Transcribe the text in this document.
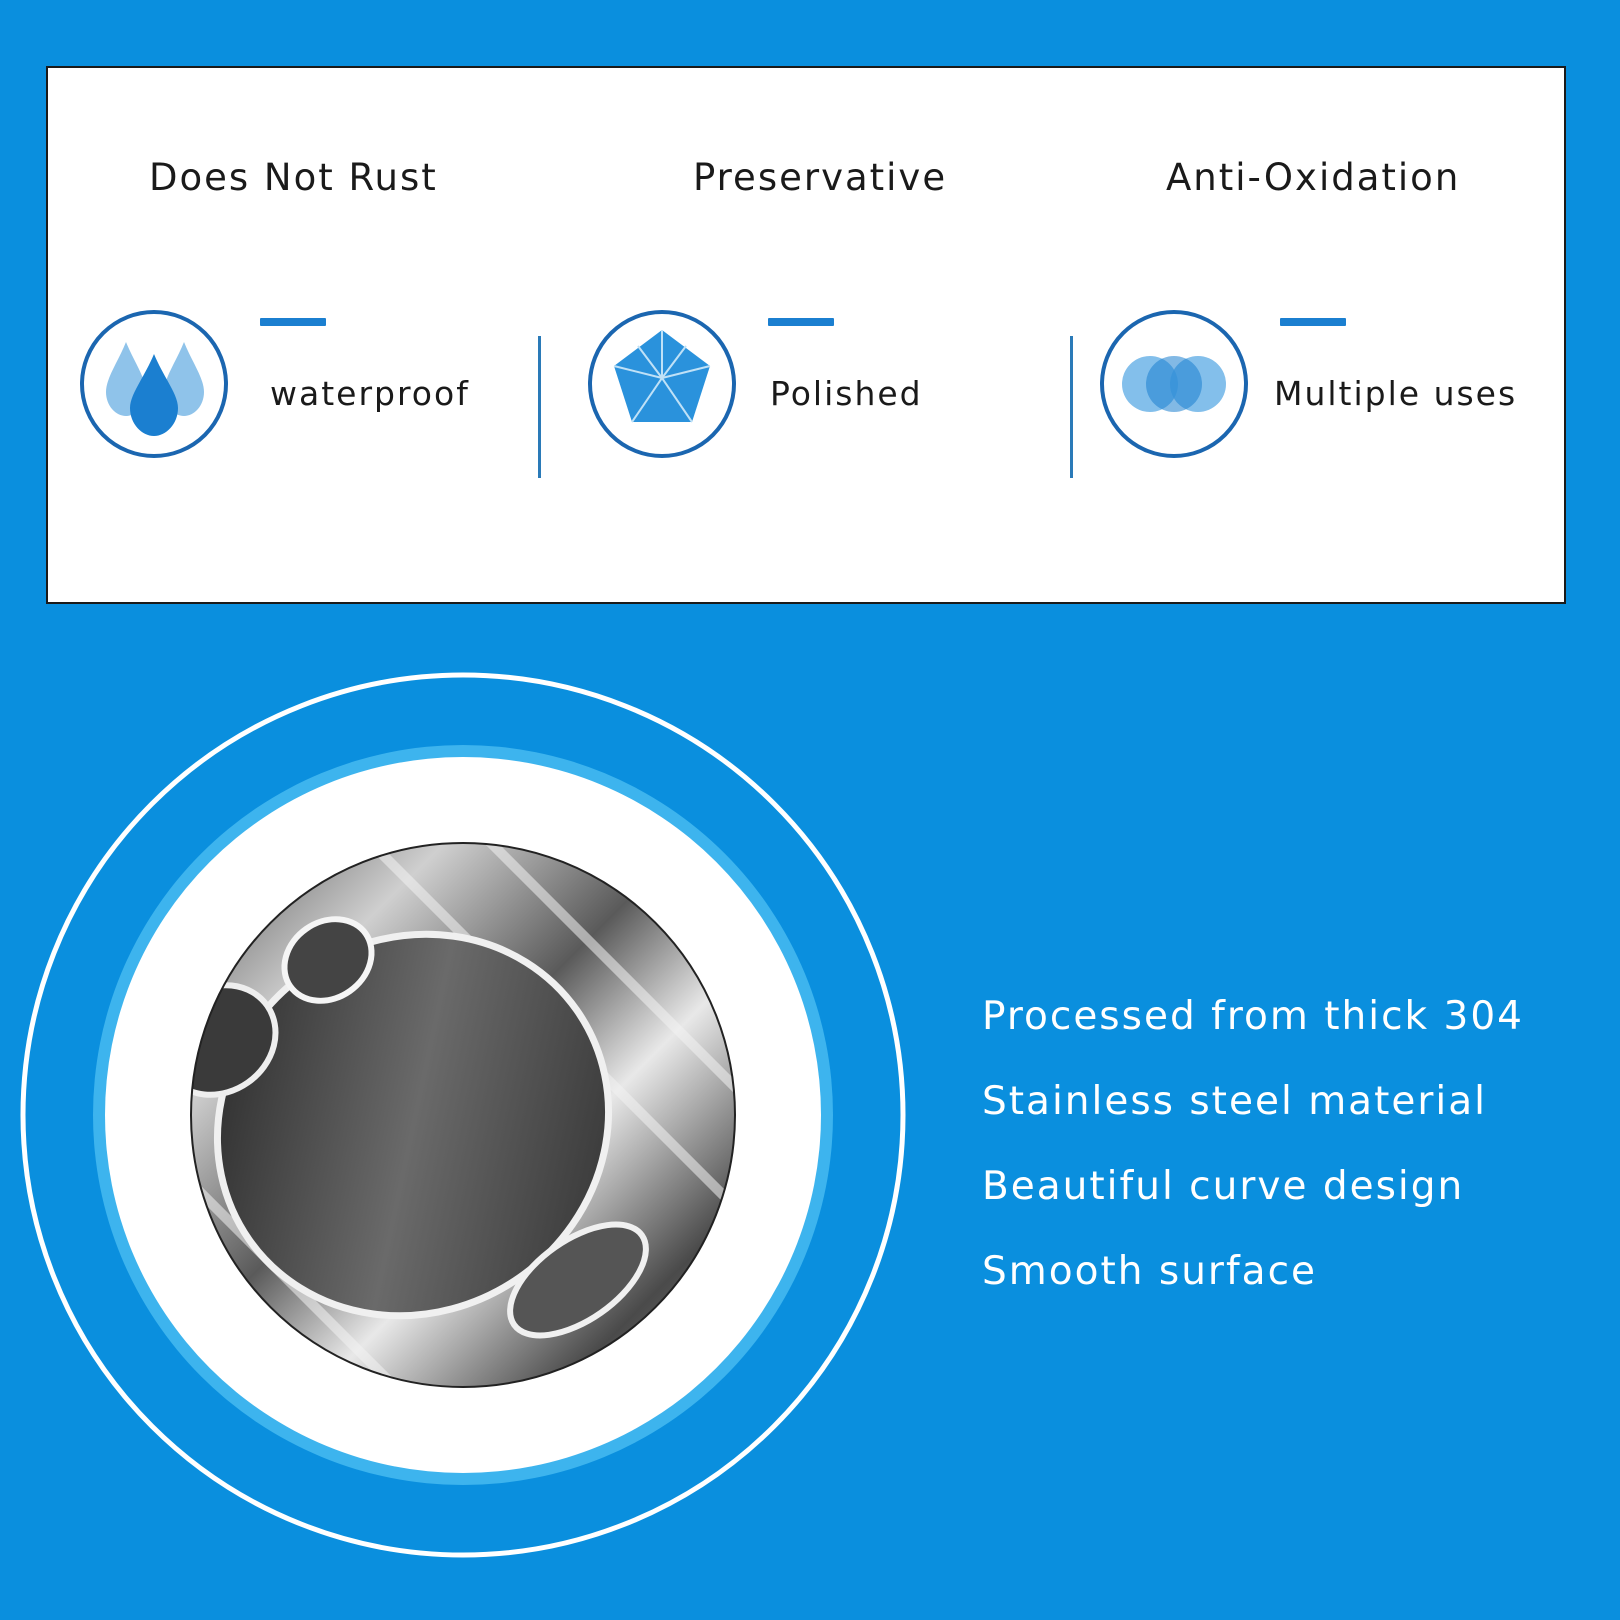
Does Not Rust	Preservative	Anti-Oxidation
waterproof	Polished	Multiple uses
Processed from thick 304
Stainless steel material
Beautiful curve design
Smooth surface
